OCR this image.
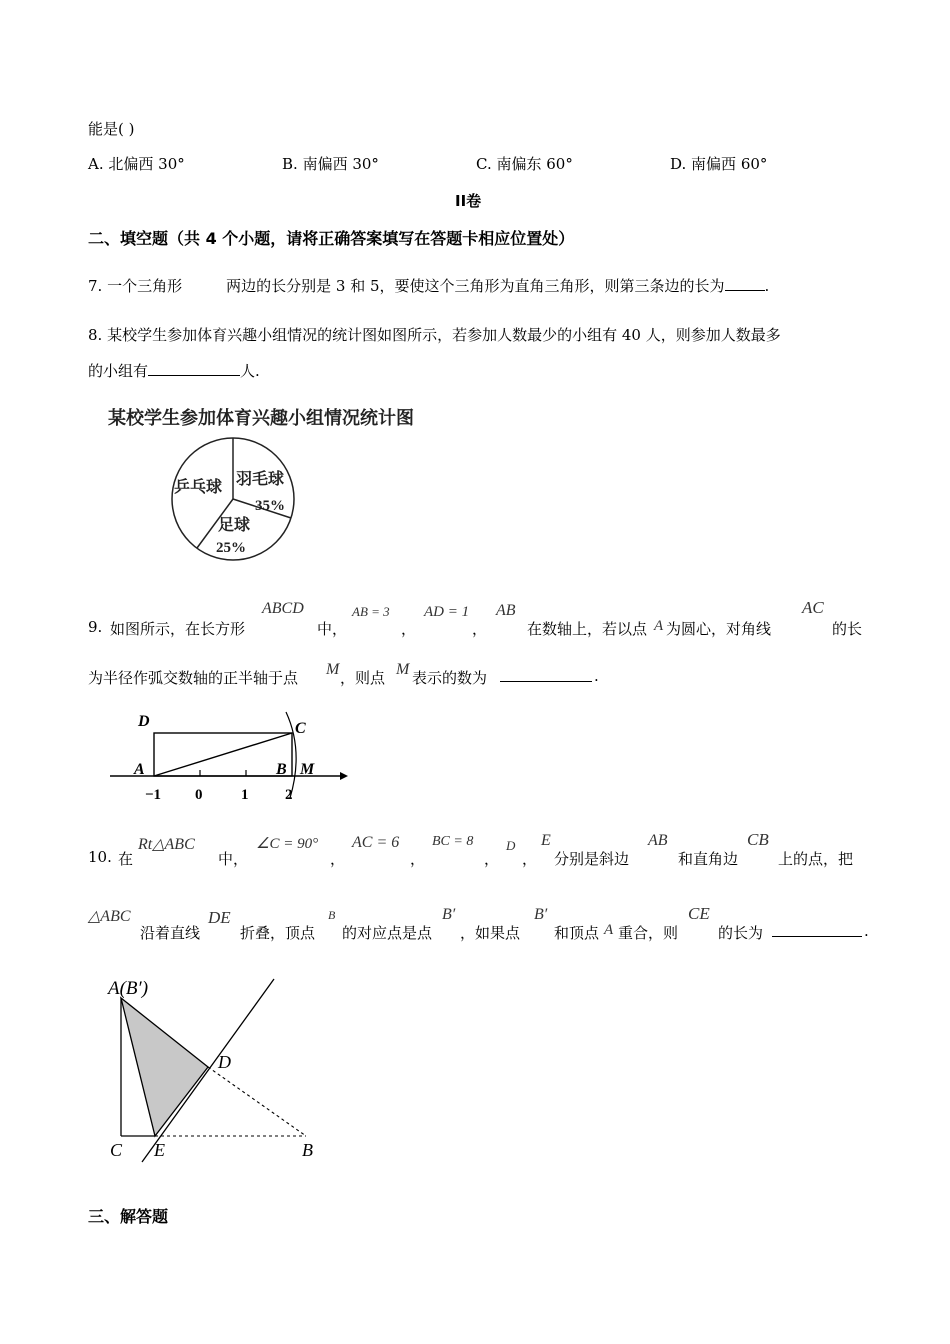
能是( )
A. 北偏西 30°	B. 南偏西 30°	C. 南偏东 60°	D. 南偏西 60°
II卷
二、填空题（共 4 个小题，请将正确答案填写在答题卡相应位置处）
7. 一个三角形	两边的长分别是 3 和 5，要使这个三角形为直角三角形，则第三条边的长为	.
8. 某校学生参加体育兴趣小组情况的统计图如图所示，若参加人数最少的小组有 40 人，则参加人数最多
的小组有	人.
某校学生参加体育兴趣小组情况统计图
羽毛球
35%
足球
25%
乒乓球
9. 如图所示，在长方形
ABCD
中，
AB = 3
，
AD = 1
，
AB
在数轴上，若以点 A 为圆心，对角线
AC
的长
为半径作弧交数轴的正半轴于点 M ，则点 M 表示的数为	.
D	C
A	B M
−1 0	1 2
10. 在
Rt△ABC
中，
∠C = 90°
，
AC = 6
，
BC = 8
，
D
，
E
分别是斜边
AB
和直角边
CB
上的点，把
△ABC
沿着直线
DE
折叠，顶点
B
的对应点是点
B′
，如果点
B′
和顶点 A 重合，则
CE
的长为	.
A(B′)
D
C E	B
三、解答题
